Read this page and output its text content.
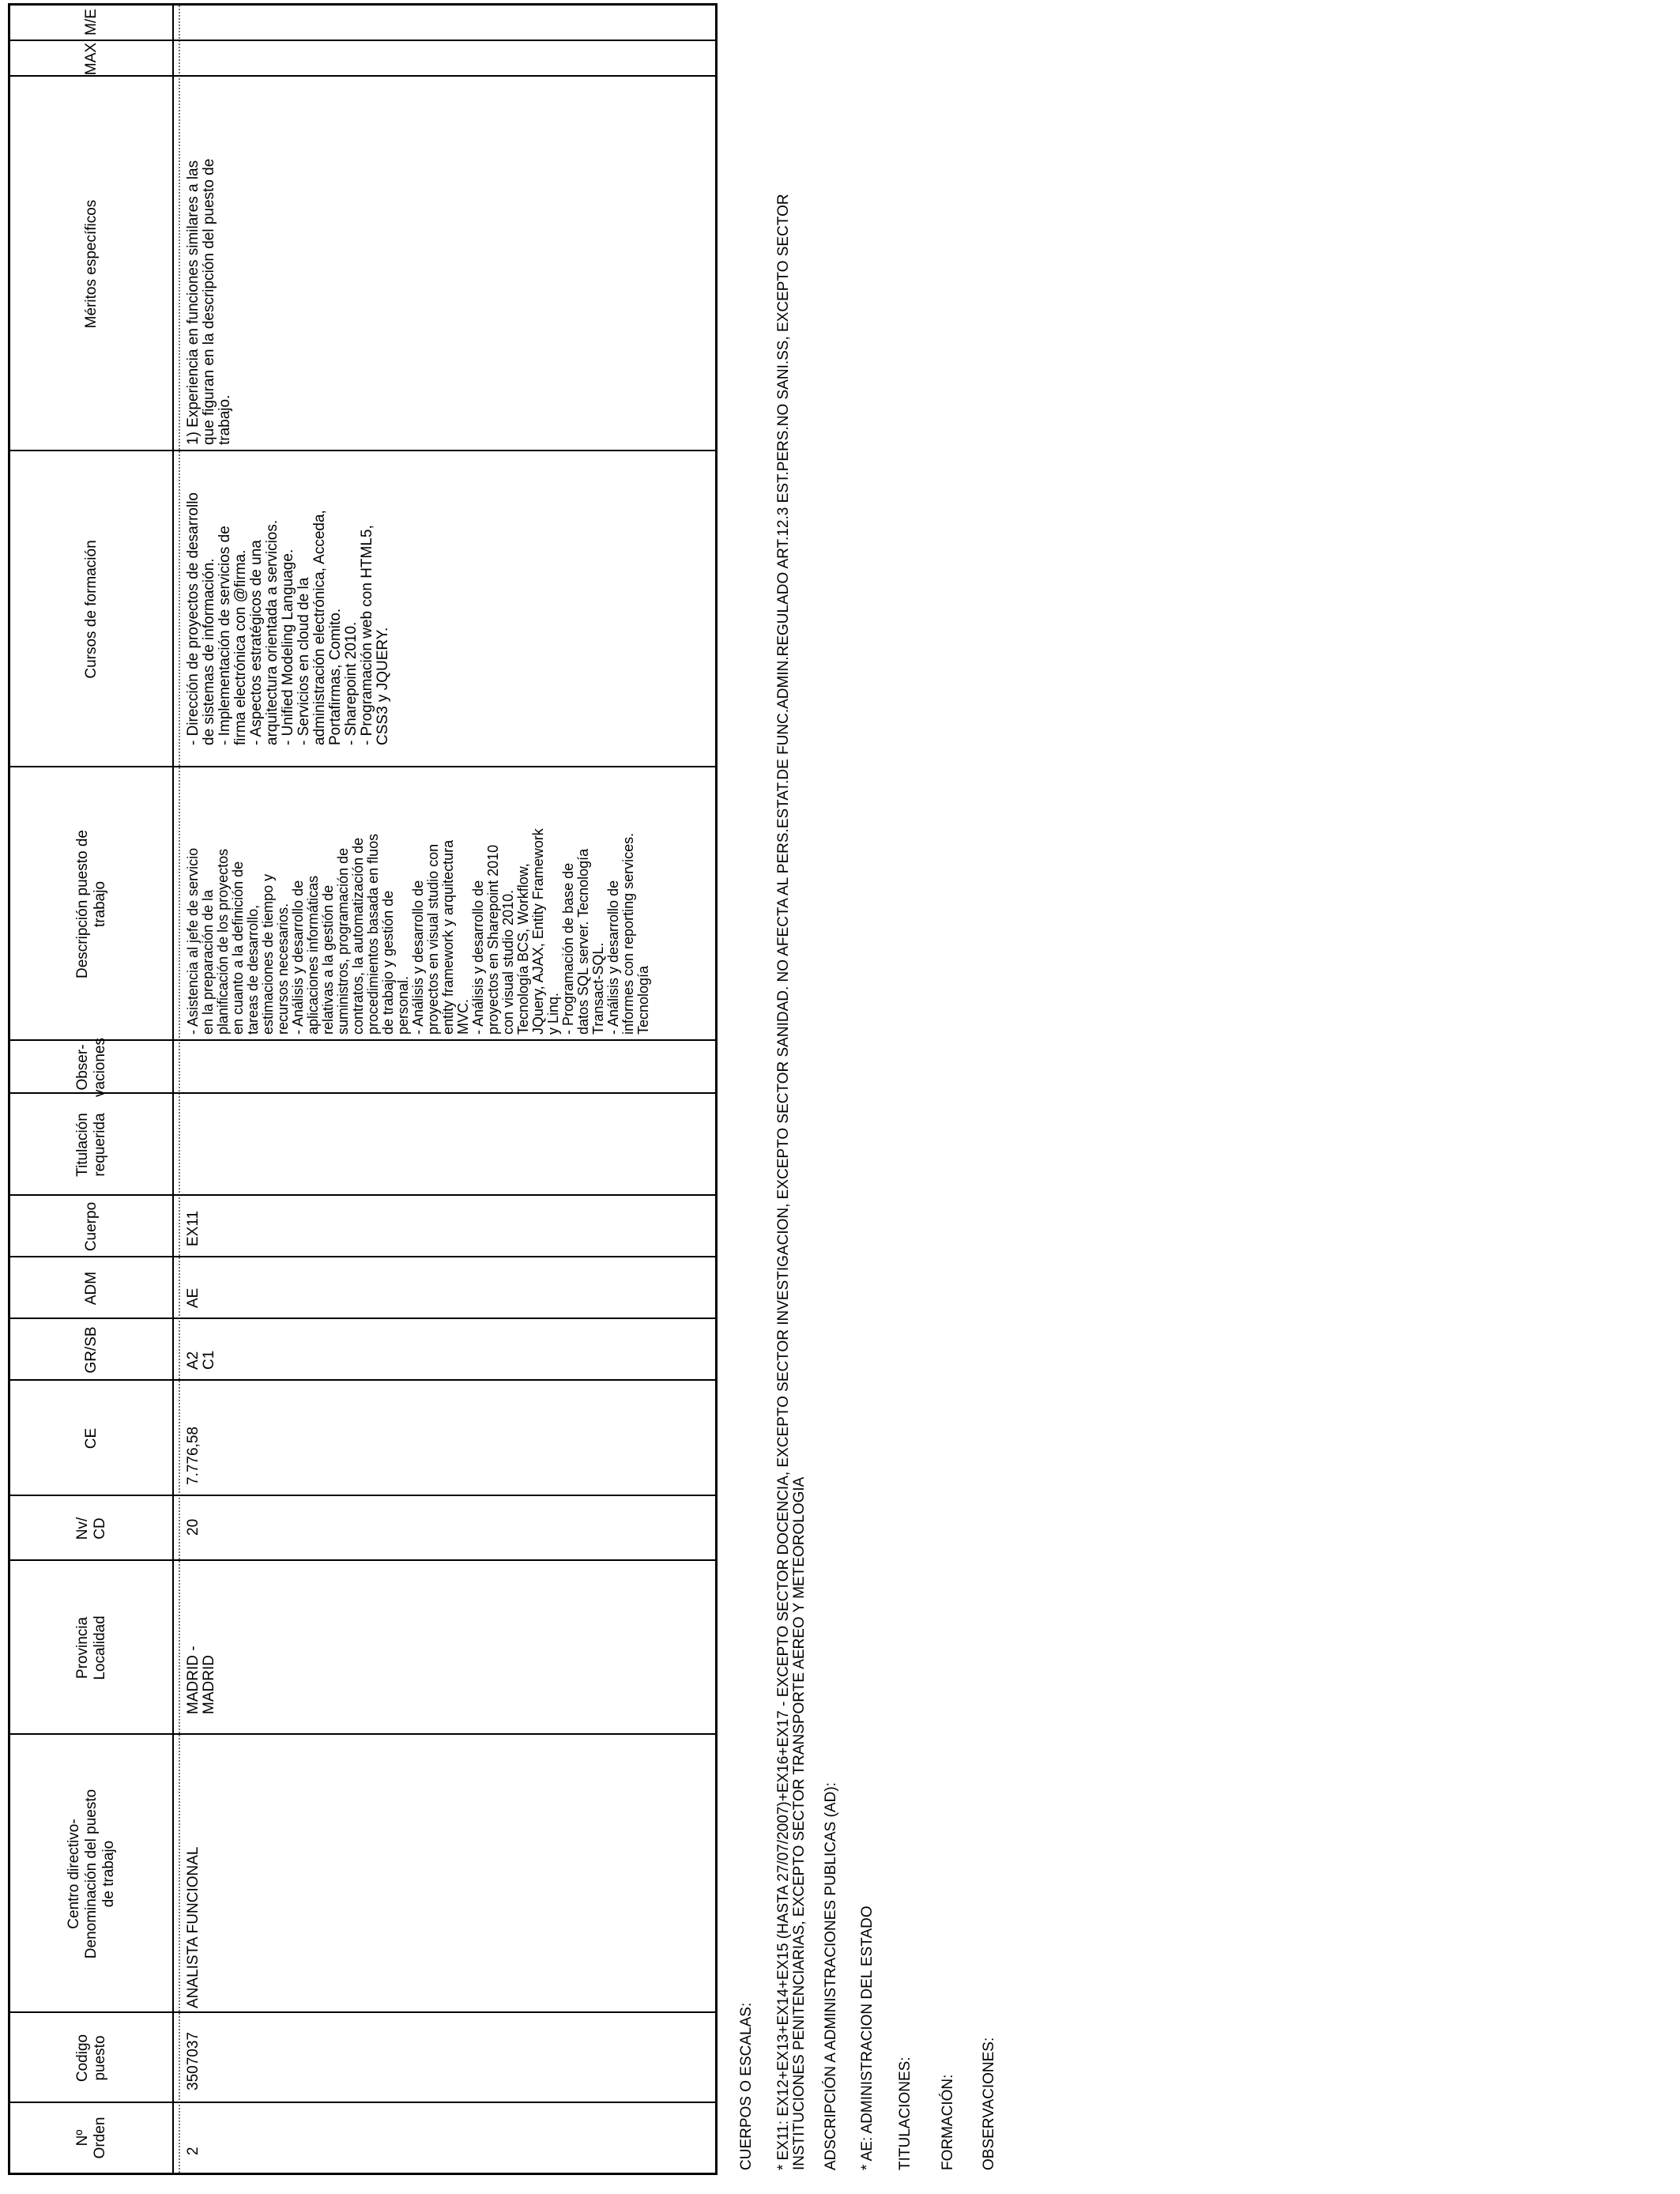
Nº
Orden
Codigo
puesto
Centro directivo-
Denominación del puesto
de trabajo
Provincia
Localidad
Nv/
CD
CE
GR/SB
ADM
Cuerpo
Titulación
requerida
Obser-
vaciones
Descripción puesto de
trabajo
Cursos de formación
Méritos específicos
MAX
M/E
2
3507037
ANALISTA FUNCIONAL
MADRID -
MADRID
20
7.776,58
A2
C1
AE
EX11
- Asistencia al jefe de servicio
en la preparación de la
planificación de los proyectos
en cuanto a la definición de
tareas de desarrollo,
estimaciones de tiempo y
recursos necesarios.
- Análisis y desarrollo de
aplicaciones informáticas
relativas a la gestión de
suministros, programación de
contratos, la automatización de
procedimientos basada en fluos
de trabajo y gestión de
personal.
- Análisis y desarrollo de
proyectos en visual studio con
entity framework y arquitectura
MVC.
- Análisis y desarrollo de
proyectos en Sharepoint 2010
con visual studio 2010.
Tecnología BCS, Workflow,
JQuery, AJAX, Entity Framework
y Linq.
- Programación de base de
datos SQL server. Tecnología
Transact-SQL.
- Análisis y desarrollo de
informes con reporting services.
Tecnología
- Dirección de proyectos de desarrollo
de sistemas de información.
- Implementación de servicios de
firma electrónica con @firma.
- Aspectos estratégicos de una
arquitectura orientada a servicios.
- Unified Modeling Language.
- Servicios en cloud de la
administración electrónica, Acceda,
Portafirmas, Comito.
- Sharepoint 2010.
- Programación web con HTML5,
CSS3 y JQUERY.
1) Experiencia en funciones similares a las
que figuran en la descripción del puesto de
trabajo.
CUERPOS O ESCALAS: * EX11: EX12+EX13+EX14+EX15 (HASTA 27/07/2007)+EX16+EX17 - EXCEPTO SECTOR DOCENCIA, EXCEPTO SECTOR INVESTIGACION, EXCEPTO SECTOR SANIDAD. NO AFECTA AL PERS.ESTAT.DE FUNC.ADMIN.REGULADO ART.12.3 EST.PERS.NO SANI.SS, EXCEPTO SECTOR
INSTITUCIONES PENITENCIARIAS, EXCEPTO SECTOR TRANSPORTE AEREO Y METEOROLOGIA
ADSCRIPCIÓN A ADMINISTRACIONES PUBLICAS (AD): * AE: ADMINISTRACION DEL ESTADO TITULACIONES: FORMACIÓN: OBSERVACIONES:
